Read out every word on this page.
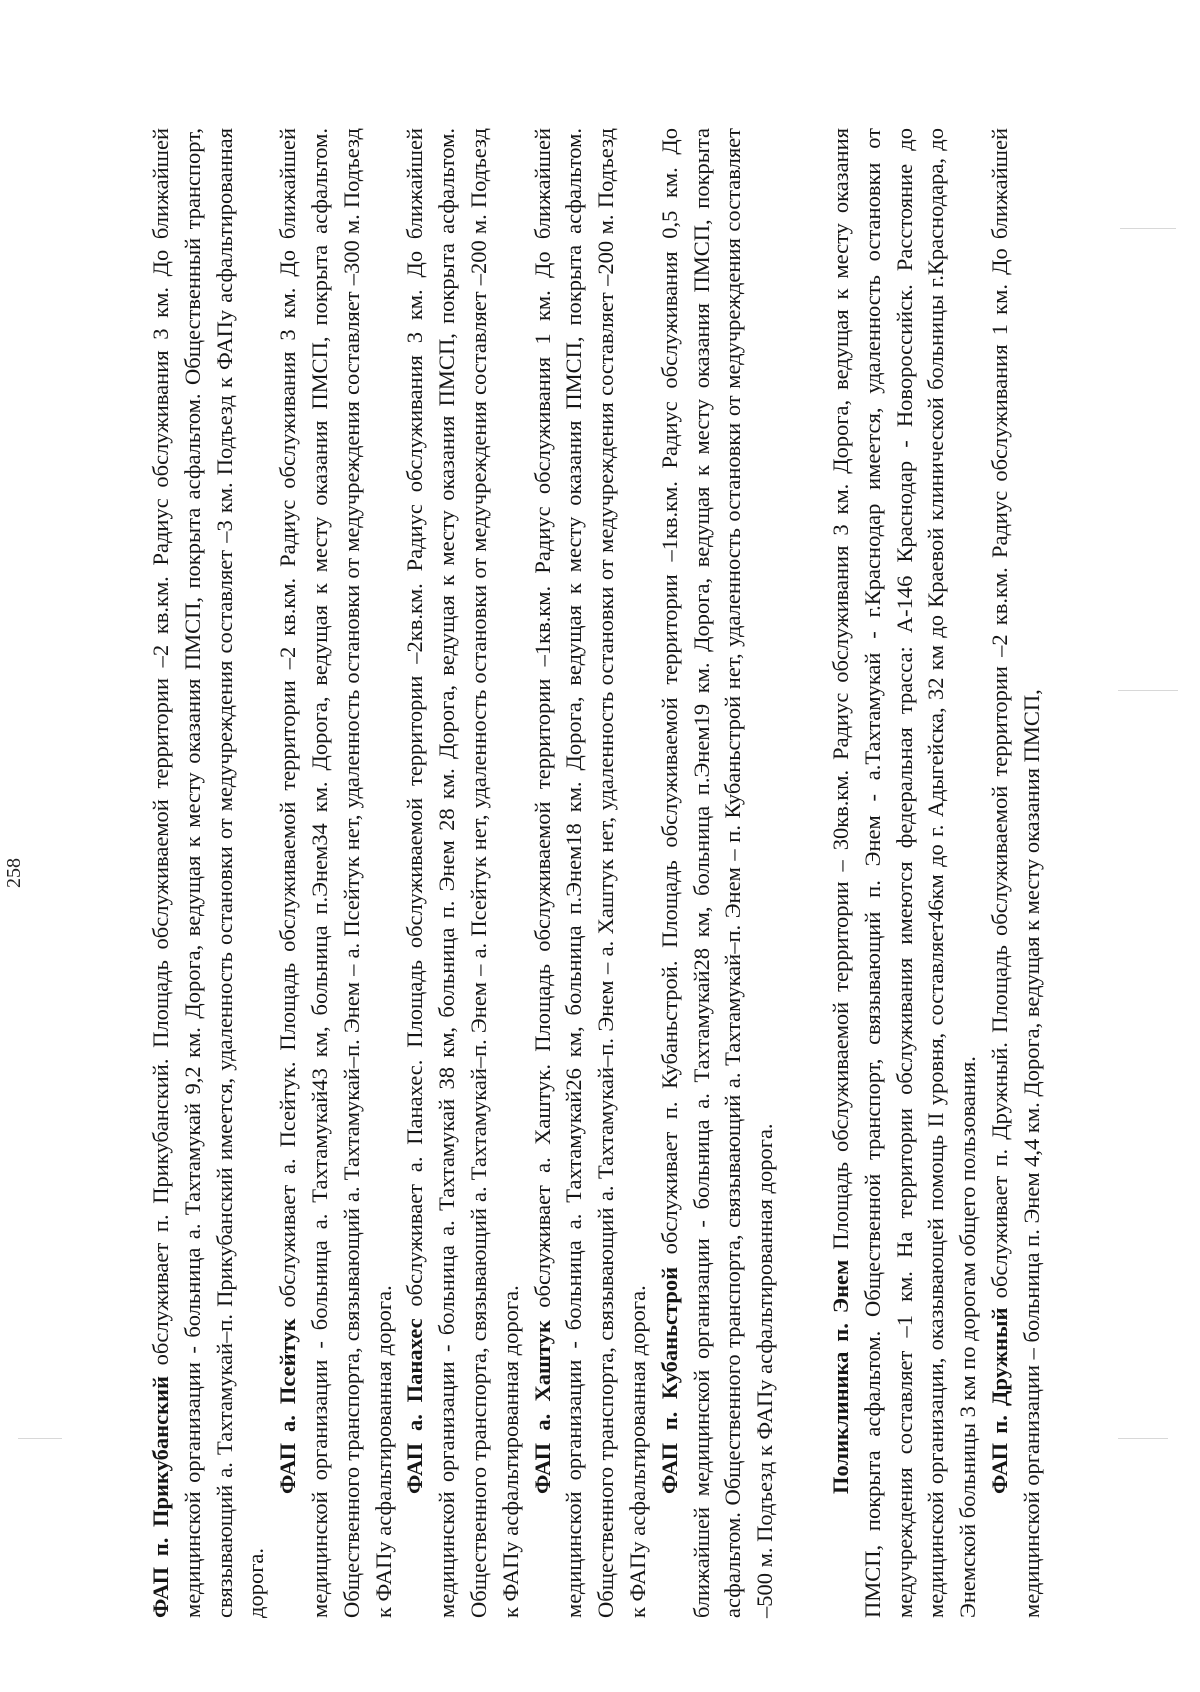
258

ФАП п. Прикубанский обслуживает п. Прикубанский. Площадь обслуживаемой территории –2 кв.км. Радиус обслуживания 3 км. До ближайшей медицинской организации - больница а. Тахтамукай 9,2 км. Дорога, ведущая к месту оказания ПМСП, покрыта асфальтом. Общественный транспорт, связывающий а. Тахтамукай–п. Прикубанский имеется, удаленность остановки от медучреждения составляет –3 км. Подъезд к ФАПу асфальтированная дорога.

ФАП а. Псейтук обслуживает а. Псейтук. Площадь обслуживаемой территории –2 кв.км. Радиус обслуживания 3 км. До ближайшей медицинской организации - больница а. Тахтамукай43 км, больница п.Энем34 км. Дорога, ведущая к месту оказания ПМСП, покрыта асфальтом. Общественного транспорта, связывающий а. Тахтамукай–п. Энем – а. Псейтук нет, удаленность остановки от медучреждения составляет –300 м. Подъезд к ФАПу асфальтированная дорога. ФАП а. Панахес обслуживает а. Панахес. Площадь обслуживаемой территории –2кв.км. Радиус обслуживания 3 км. До ближайшей медицинской организации - больница а. Тахтамукай 38 км, больница п. Энем 28 км. Дорога, ведущая к месту оказания ПМСП, покрыта асфальтом. Общественного транспорта, связывающий а. Тахтамукай–п. Энем – а. Псейтук нет, удаленность остановки от медучреждения составляет –200 м. Подъезд к ФАПу асфальтированная дорога. ФАП а. Хаштук обслуживает а. Хаштук. Площадь обслуживаемой территории –1кв.км. Радиус обслуживания 1 км. До ближайшей медицинской организации - больница а. Тахтамукай26 км, больница п.Энем18 км. Дорога, ведущая к месту оказания ПМСП, покрыта асфальтом. Общественного транспорта, связывающий а. Тахтамукай–п. Энем – а. Хаштук нет, удаленность остановки от медучреждения составляет –200 м. Подъезд к ФАПу асфальтированная дорога. ФАП п. Кубаньстрой обслуживает п. Кубаньстрой. Площадь обслуживаемой территории –1кв.км. Радиус обслуживания 0,5 км. До ближайшей медицинской организации - больница а. Тахтамукай28 км, больница п.Энем19 км. Дорога, ведущая к месту оказания ПМСП, покрыта асфальтом. Общественного транспорта, связывающий а. Тахтамукай–п. Энем – п. Кубаньстрой нет, удаленность остановки от медучреждения составляет –500 м. Подъезд к ФАПу асфальтированная дорога. Поликлиника п. Энем Площадь обслуживаемой территории – 30кв.км. Радиус обслуживания 3 км. Дорога, ведущая к месту оказания ПМСП, покрыта асфальтом. Общественной транспорт, связывающий п. Энем - а.Тахтамукай - г.Краснодар имеется, удаленность остановки от медучреждения составляет –1 км. На территории обслуживания имеются федеральная трасса: А-146 Краснодар - Новороссийск. Расстояние до медицинской организации, оказывающей помощь II уровня, составляет46км до г. Адыгейска, 32 км до Краевой клинической больницы г.Краснодара, до Энемской больницы 3 км по дорогам общего пользования. ФАП п. Дружный обслуживает п. Дружный. Площадь обслуживаемой территории –2 кв.км. Радиус обслуживания 1 км. До ближайшей медицинской организации – больница п. Энем 4,4 км. Дорога, ведущая к месту оказания ПМСП,
